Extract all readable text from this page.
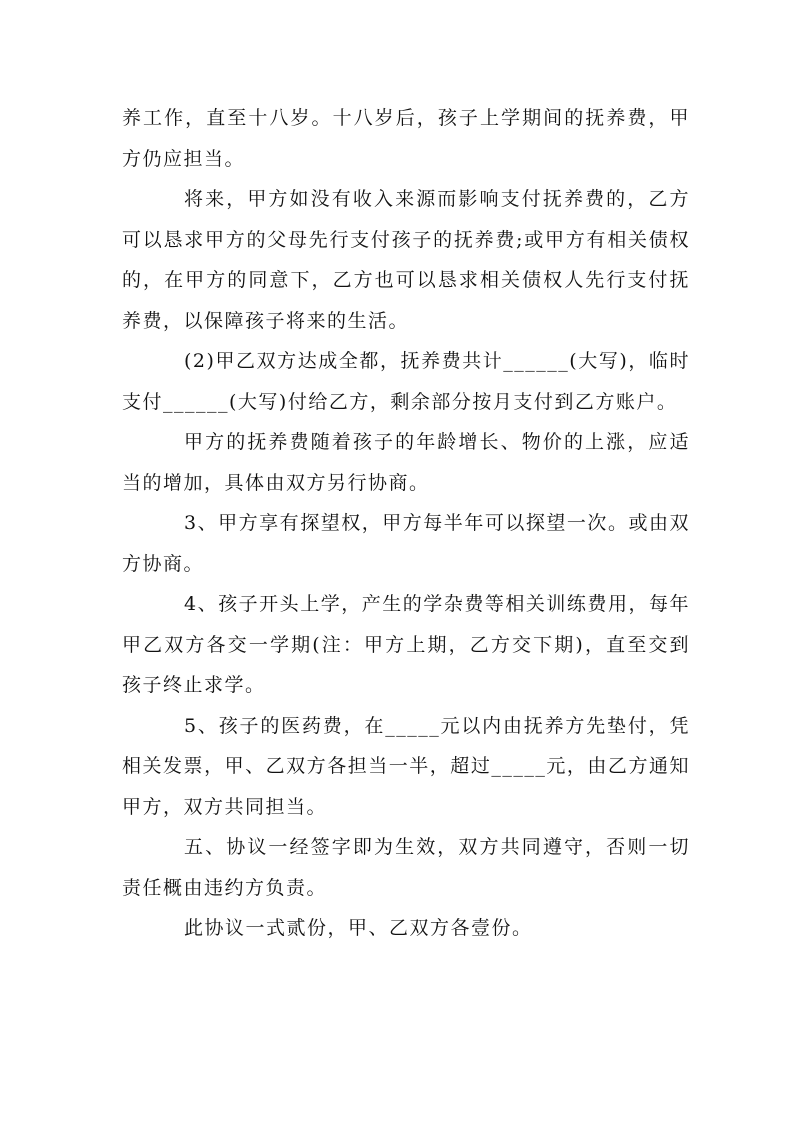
养工作，直至十八岁。十八岁后，孩子上学期间的抚养费，甲方仍应担当。

将来，甲方如没有收入来源而影响支付抚养费的，乙方可以恳求甲方的父母先行支付孩子的抚养费;或甲方有相关债权的，在甲方的同意下，乙方也可以恳求相关债权人先行支付抚养费，以保障孩子将来的生活。

(2)甲乙双方达成全都，抚养费共计______(大写)，临时支付______(大写)付给乙方，剩余部分按月支付到乙方账户。

甲方的抚养费随着孩子的年龄增长、物价的上涨，应适当的增加，具体由双方另行协商。

3、甲方享有探望权，甲方每半年可以探望一次。或由双方协商。

4、孩子开头上学，产生的学杂费等相关训练费用，每年甲乙双方各交一学期(注：甲方上期，乙方交下期)，直至交到孩子终止求学。

5、孩子的医药费，在_____元以内由抚养方先垫付，凭相关发票，甲、乙双方各担当一半，超过_____元，由乙方通知甲方，双方共同担当。

五、协议一经签字即为生效，双方共同遵守，否则一切责任概由违约方负责。

此协议一式贰份，甲、乙双方各壹份。
